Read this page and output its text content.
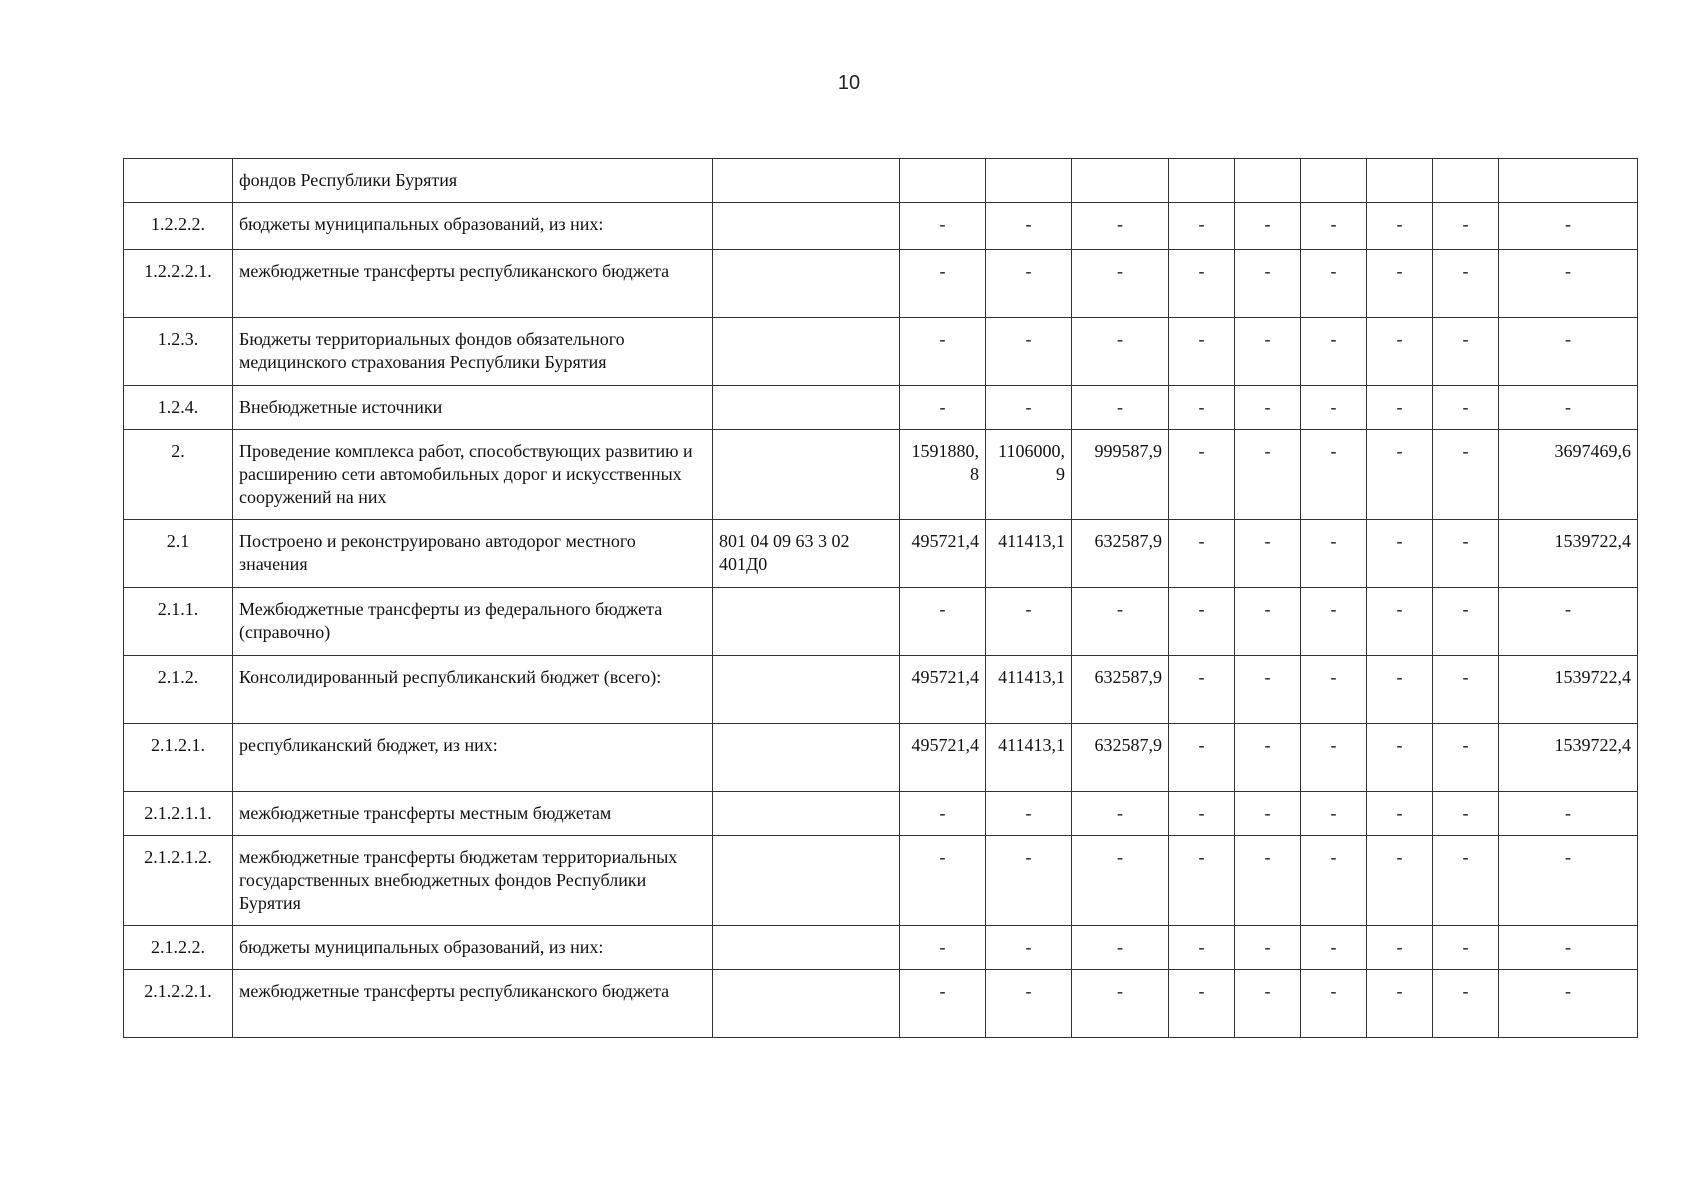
10
	фондов Республики Бурятия										
1.2.2.2.	бюджеты муниципальных образований, из них:		-	-	-	-	-	-	-	-	-
1.2.2.2.1.	межбюджетные трансферты республиканского бюджета		-	-	-	-	-	-	-	-	-
1.2.3.	Бюджеты территориальных фондов обязательного медицинского страхования Республики Бурятия		-	-	-	-	-	-	-	-	-
1.2.4.	Внебюджетные источники		-	-	-	-	-	-	-	-	-
2.	Проведение комплекса работ, способствующих развитию и расширению сети автомобильных дорог и искусственных сооружений на них		1591880,8	1106000,9	999587,9	-	-	-	-	-	3697469,6
2.1	Построено и реконструировано автодорог местного значения	801 04 09 63 3 02 401Д0	495721,4	411413,1	632587,9	-	-	-	-	-	1539722,4
2.1.1.	Межбюджетные трансферты из федерального бюджета (справочно)		-	-	-	-	-	-	-	-	-
2.1.2.	Консолидированный республиканский бюджет (всего):		495721,4	411413,1	632587,9	-	-	-	-	-	1539722,4
2.1.2.1.	республиканский бюджет, из них:		495721,4	411413,1	632587,9	-	-	-	-	-	1539722,4
2.1.2.1.1.	межбюджетные трансферты местным бюджетам		-	-	-	-	-	-	-	-	-
2.1.2.1.2.	межбюджетные трансферты бюджетам территориальных государственных внебюджетных фондов Республики Бурятия		-	-	-	-	-	-	-	-	-
2.1.2.2.	бюджеты муниципальных образований, из них:		-	-	-	-	-	-	-	-	-
2.1.2.2.1.	межбюджетные трансферты республиканского бюджета		-	-	-	-	-	-	-	-	-
